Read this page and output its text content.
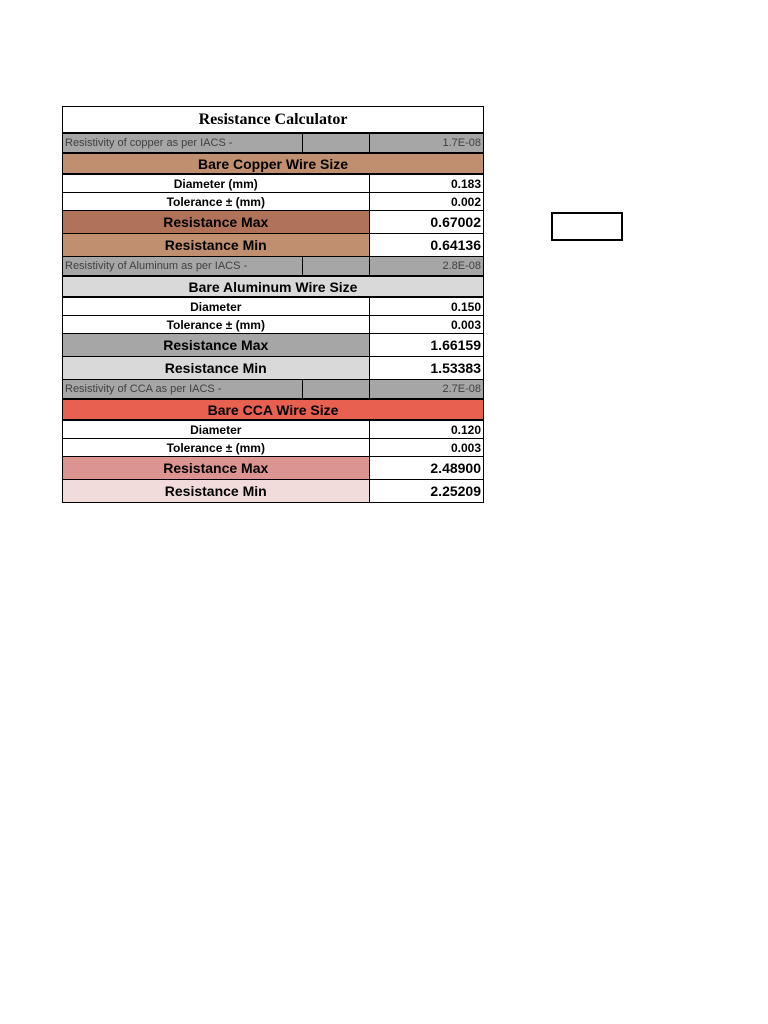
Resistance Calculator		
Resistivity of copper as per IACS -		1.7E-08
Bare Copper Wire Size		
Diameter (mm)		0.183
Tolerance ± (mm)		0.002
Resistance Max		0.67002
Resistance Min		0.64136
Resistivity of Aluminum as per IACS -		2.8E-08
Bare Aluminum Wire Size		
Diameter		0.150
Tolerance ± (mm)		0.003
Resistance Max		1.66159
Resistance Min		1.53383
Resistivity of CCA as per IACS -		2.7E-08
Bare CCA Wire Size		
Diameter		0.120
Tolerance ± (mm)		0.003
Resistance Max		2.48900
Resistance Min		2.25209
